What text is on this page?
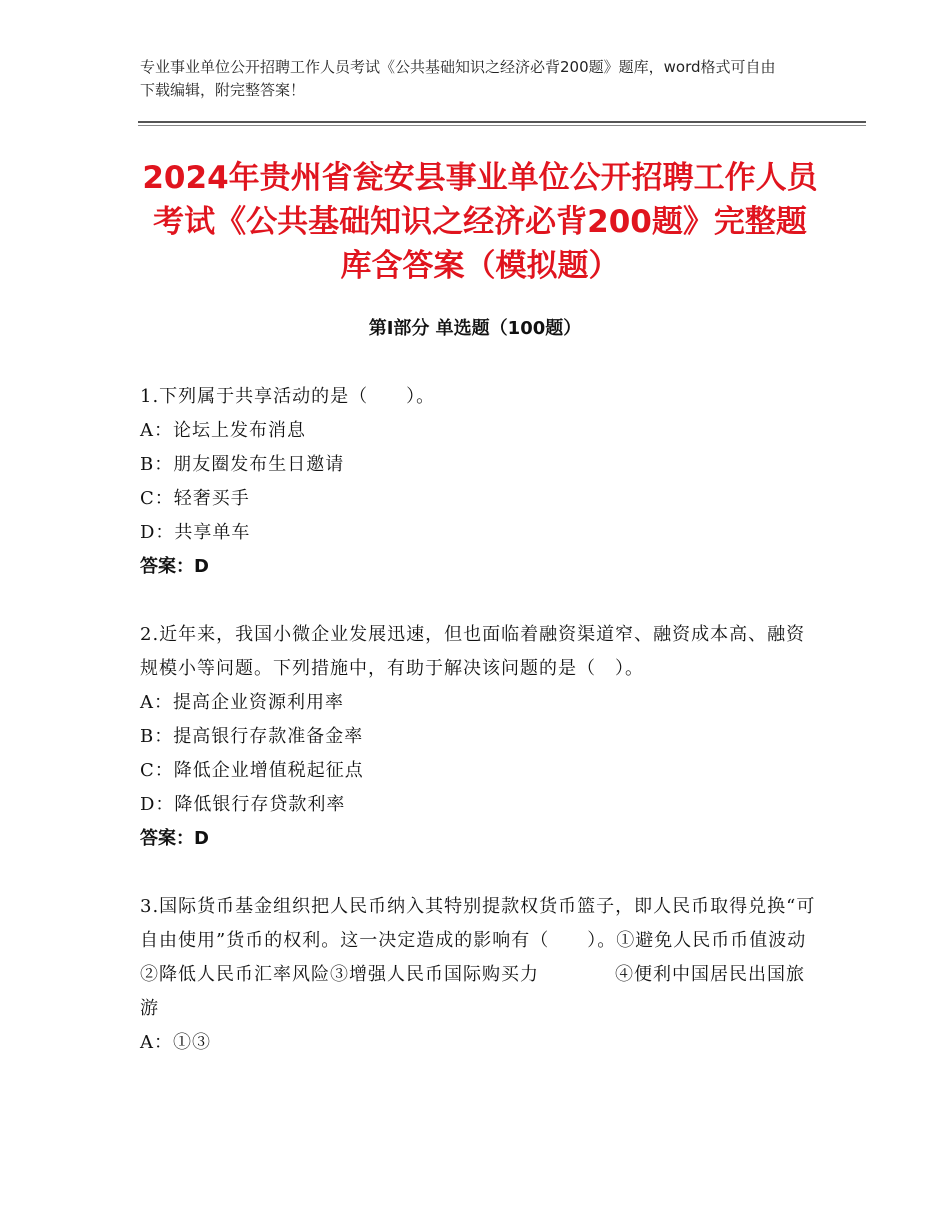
专业事业单位公开招聘工作人员考试《公共基础知识之经济必背200题》题库，word格式可自由下载编辑，附完整答案！
2024年贵州省瓮安县事业单位公开招聘工作人员考试《公共基础知识之经济必背200题》完整题库含答案（模拟题）
第Ⅰ部分 单选题（100题）
1.下列属于共享活动的是（　　）。
A：论坛上发布消息
B：朋友圈发布生日邀请
C：轻奢买手
D：共享单车
答案：D
2.近年来，我国小微企业发展迅速，但也面临着融资渠道窄、融资成本高、融资规模小等问题。下列措施中，有助于解决该问题的是（　）。
A：提高企业资源利用率
B：提高银行存款准备金率
C：降低企业增值税起征点
D：降低银行存贷款利率
答案：D
3.国际货币基金组织把人民币纳入其特别提款权货币篮子，即人民币取得兑换“可自由使用”货币的权利。这一决定造成的影响有（　　）。①避免人民币币值波动　　　　　②降低人民币汇率风险③增强人民币国际购买力　　　　④便利中国居民出国旅游
A：①③
